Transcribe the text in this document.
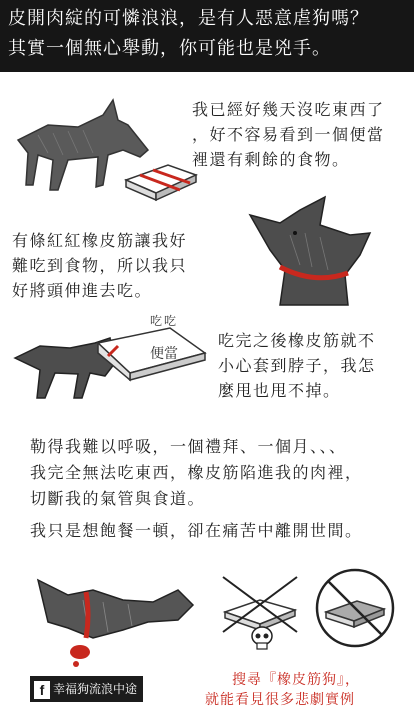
皮開肉綻的可憐浪浪，是有人惡意虐狗嗎？
其實一個無心舉動，你可能也是兇手。
我已經好幾天沒吃東西了
，好不容易看到一個便當
裡還有剩餘的食物。
有條紅紅橡皮筋讓我好
難吃到食物，所以我只
好將頭伸進去吃。
便當
吃吃
吃完之後橡皮筋就不
小心套到脖子，我怎
麼甩也甩不掉。
勒得我難以呼吸，一個禮拜、一個月、、、
我完全無法吃東西，橡皮筋陷進我的肉裡，
切斷我的氣管與食道。
我只是想飽餐一頓，卻在痛苦中離開世間。
f 幸福狗流浪中途
搜尋『橡皮筋狗』，
就能看見很多悲劇實例
